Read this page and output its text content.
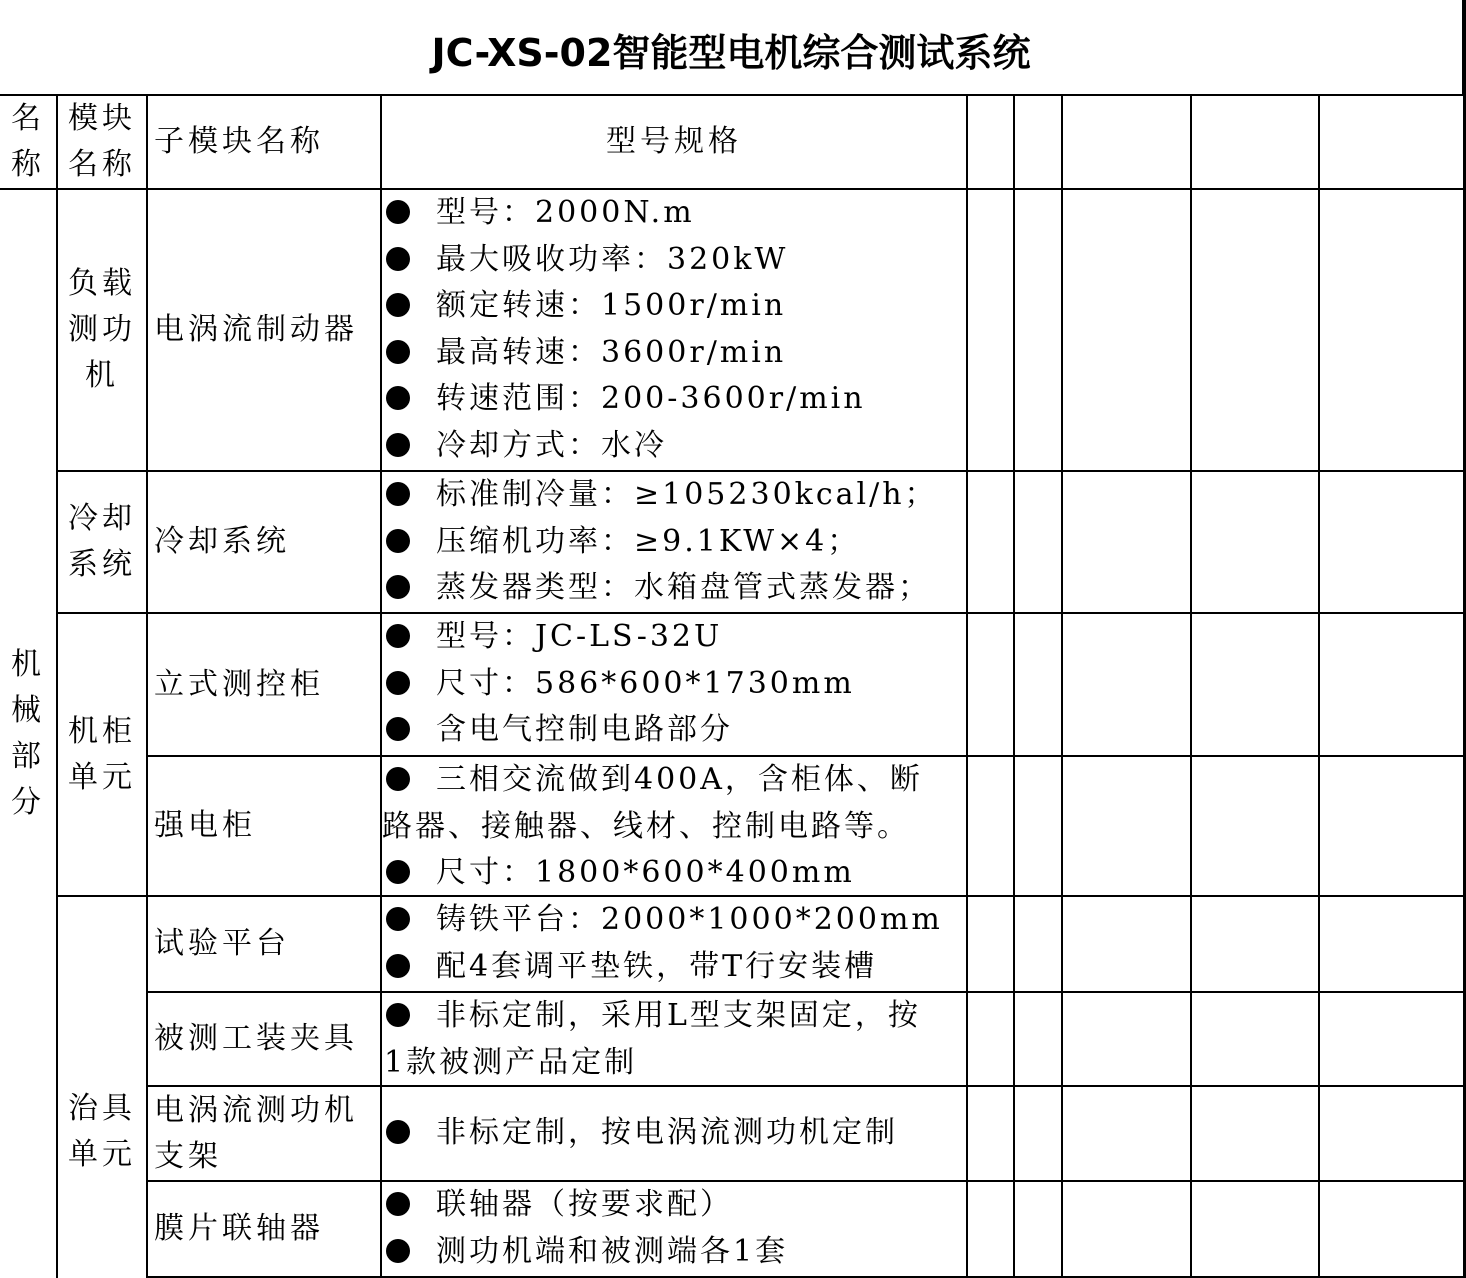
JC-XS-02智能型电机综合测试系统
名
称
模块
名称
子模块名称	型号规格
机
械
部
分
负载
测功
机
冷却
系统
机柜
单元
治具
单元
电涡流制动器
冷却系统
立式测控柜
强电柜
试验平台
被测工装夹具
电涡流测功机
支架
膜片联轴器
型号：2000N.m
最大吸收功率：320kW
额定转速：1500r/min
最高转速：3600r/min
转速范围：200-3600r/min
冷却方式：水冷
标准制冷量：≥105230kcal/h；
压缩机功率：≥9.1KW×4；
蒸发器类型：水箱盘管式蒸发器；
型号：JC-LS-32U
尺寸：586*600*1730mm
含电气控制电路部分
三相交流做到400A，含柜体、断
路器、接触器、线材、控制电路等。
尺寸：1800*600*400mm
铸铁平台：2000*1000*200mm
配4套调平垫铁，带T行安装槽
非标定制，采用L型支架固定，按
1款被测产品定制
非标定制，按电涡流测功机定制
联轴器（按要求配）
测功机端和被测端各1套
